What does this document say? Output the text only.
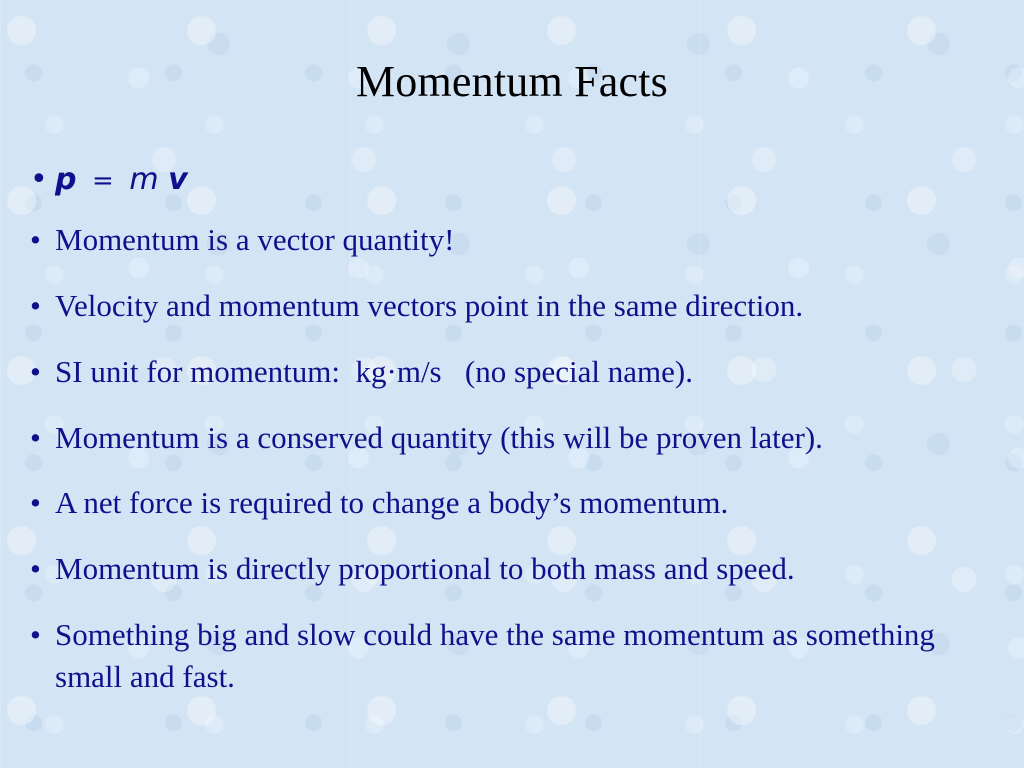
Momentum Facts
• p = m v
• Momentum is a vector quantity!
• Velocity and momentum vectors point in the same direction.
• SI unit for momentum:  kg·m/s   (no special name).
• Momentum is a conserved quantity (this will be proven later).
• A net force is required to change a body’s momentum.
• Momentum is directly proportional to both mass and speed.
• Something big and slow could have the same momentum as something small and fast.
